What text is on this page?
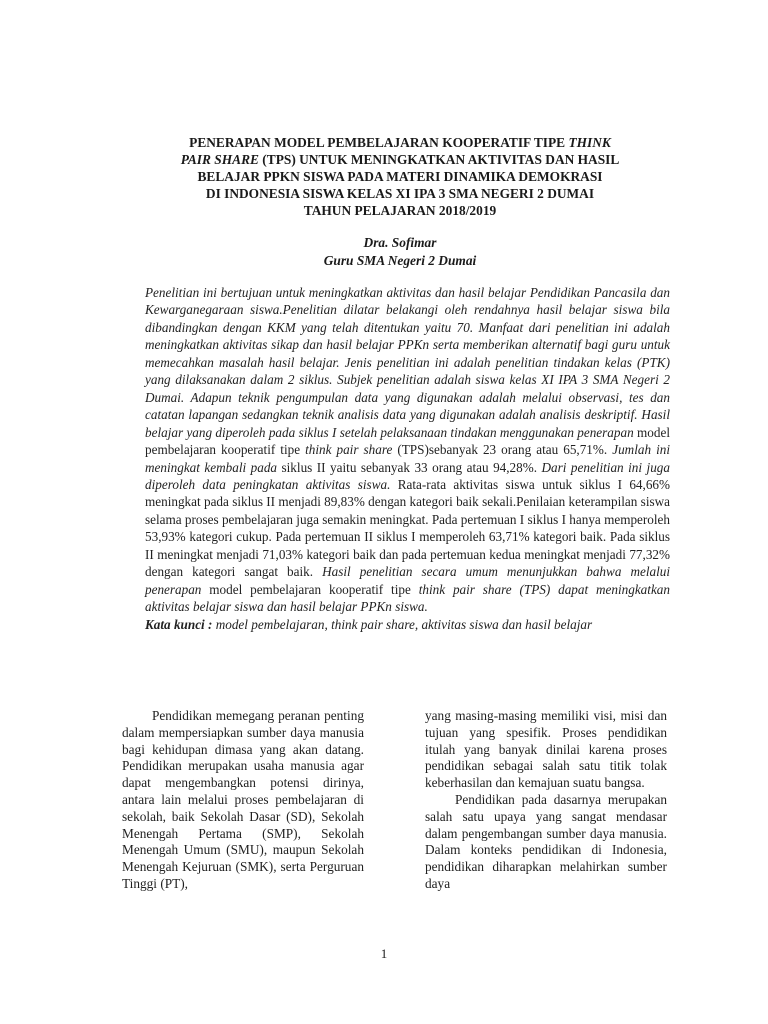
PENERAPAN MODEL PEMBELAJARAN KOOPERATIF TIPE THINK
PAIR SHARE (TPS) UNTUK MENINGKATKAN AKTIVITAS DAN HASIL
BELAJAR PPKN SISWA PADA MATERI DINAMIKA DEMOKRASI
DI INDONESIA SISWA KELAS XI IPA 3 SMA NEGERI 2 DUMAI
TAHUN PELAJARAN 2018/2019
Dra. Sofimar
Guru SMA Negeri 2 Dumai
Penelitian ini bertujuan untuk meningkatkan aktivitas dan hasil belajar Pendidikan Pancasila dan Kewarganegaraan siswa.Penelitian dilatar belakangi oleh rendahnya hasil belajar siswa bila dibandingkan dengan KKM yang telah ditentukan yaitu 70. Manfaat dari penelitian ini adalah meningkatkan aktivitas sikap dan hasil belajar PPKn serta memberikan alternatif bagi guru untuk memecahkan masalah hasil belajar. Jenis penelitian ini adalah penelitian tindakan kelas (PTK) yang dilaksanakan dalam 2 siklus. Subjek penelitian adalah siswa kelas XI IPA 3 SMA Negeri 2 Dumai. Adapun teknik pengumpulan data yang digunakan adalah melalui observasi, tes dan catatan lapangan sedangkan teknik analisis data yang digunakan adalah analisis deskriptif. Hasil belajar yang diperoleh pada siklus I setelah pelaksanaan tindakan menggunakan penerapan model pembelajaran kooperatif tipe think pair share (TPS)sebanyak 23 orang atau 65,71%. Jumlah ini meningkat kembali pada siklus II yaitu sebanyak 33 orang atau 94,28%. Dari penelitian ini juga diperoleh data peningkatan aktivitas siswa. Rata-rata aktivitas siswa untuk siklus I 64,66% meningkat pada siklus II menjadi 89,83% dengan kategori baik sekali.Penilaian keterampilan siswa selama proses pembelajaran juga semakin meningkat. Pada pertemuan I siklus I hanya memperoleh 53,93% kategori cukup. Pada pertemuan II siklus I memperoleh 63,71% kategori baik. Pada siklus II meningkat menjadi 71,03% kategori baik dan pada pertemuan kedua meningkat menjadi 77,32% dengan kategori sangat baik. Hasil penelitian secara umum menunjukkan bahwa melalui penerapan model pembelajaran kooperatif tipe think pair share (TPS) dapat meningkatkan aktivitas belajar siswa dan hasil belajar PPKn siswa.
Kata kunci : model pembelajaran, think pair share, aktivitas siswa dan hasil belajar

Pendidikan memegang peranan penting dalam mempersiapkan sumber daya manusia bagi kehidupan dimasa yang akan datang. Pendidikan merupakan usaha manusia agar dapat mengembangkan potensi dirinya, antara lain melalui proses pembelajaran di sekolah, baik Sekolah Dasar (SD), Sekolah Menengah Pertama (SMP), Sekolah Menengah Umum (SMU), maupun Sekolah Menengah Kejuruan (SMK), serta Perguruan Tinggi (PT),

yang masing-masing memiliki visi, misi dan tujuan yang spesifik. Proses pendidikan itulah yang banyak dinilai karena proses pendidikan sebagai salah satu titik tolak keberhasilan dan kemajuan suatu bangsa.

Pendidikan pada dasarnya merupakan salah satu upaya yang sangat mendasar dalam pengembangan sumber daya manusia. Dalam konteks pendidikan di Indonesia, pendidikan diharapkan melahirkan sumber daya

1
